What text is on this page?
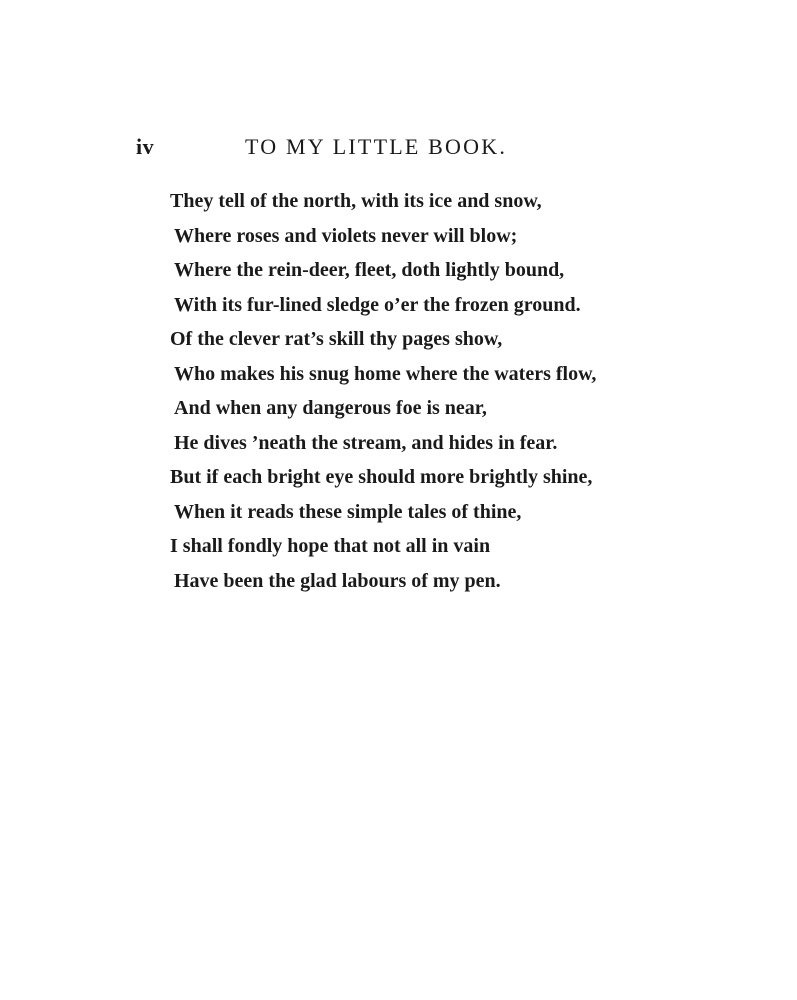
iv	TO MY LITTLE BOOK.
They tell of the north, with its ice and snow,
Where roses and violets never will blow;
Where the rein-deer, fleet, doth lightly bound,
With its fur-lined sledge o’er the frozen ground.
Of the clever rat’s skill thy pages show,
Who makes his snug home where the waters flow,
And when any dangerous foe is near,
He dives ’neath the stream, and hides in fear.
But if each bright eye should more brightly shine,
When it reads these simple tales of thine,
I shall fondly hope that not all in vain
Have been the glad labours of my pen.
